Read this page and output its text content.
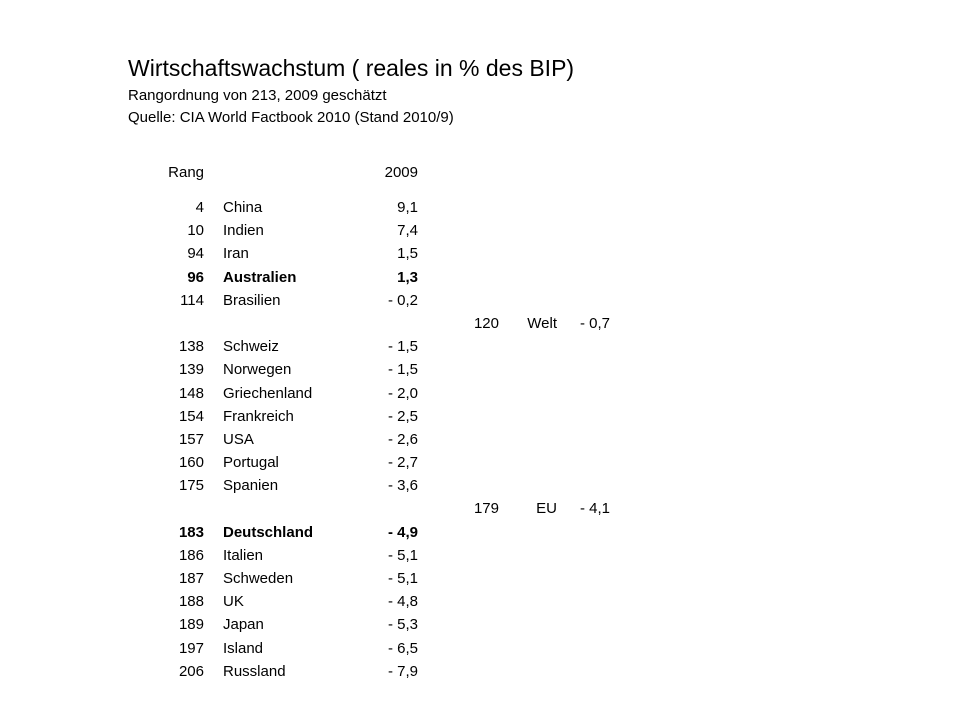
Wirtschaftswachstum ( reales in % des BIP)
Rangordnung von 213, 2009 geschätzt
Quelle: CIA World Factbook 2010 (Stand 2010/9)
Rang	2009
4 China	9,1
10 Indien	7,4
94 Iran	1,5
96 Australien	1,3
114 Brasilien	- 0,2
120	Welt - 0,7
138 Schweiz	- 1,5
139 Norwegen	- 1,5
148 Griechenland	- 2,0
154 Frankreich	- 2,5
157 USA	- 2,6
160 Portugal	- 2,7
175 Spanien	- 3,6
179	EU - 4,1
183 Deutschland	- 4,9
186 Italien	- 5,1
187 Schweden	- 5,1
188 UK	- 4,8
189 Japan	- 5,3
197 Island	- 6,5
206 Russland	- 7,9
